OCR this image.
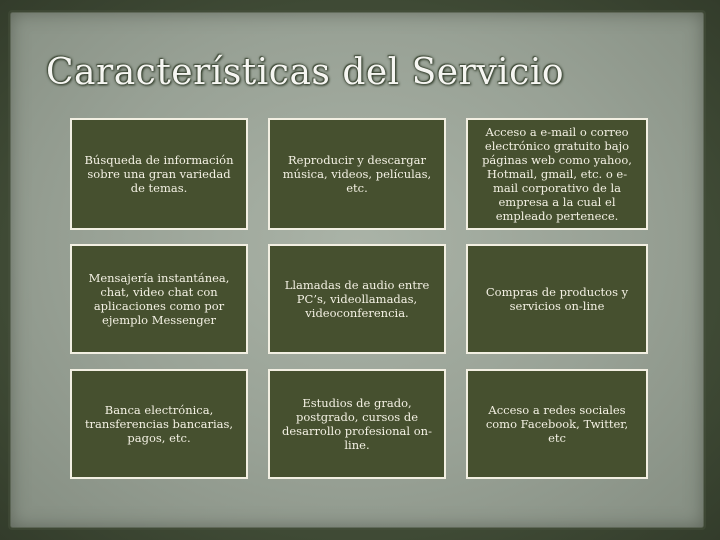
Características del Servicio
Búsqueda de información sobre una gran variedad de temas.
Reproducir y descargar música, videos, películas, etc.
Acceso a e-mail o correo electrónico gratuito bajo páginas web como yahoo, Hotmail, gmail, etc. o e-mail corporativo de la empresa a la cual el empleado pertenece.
Mensajería instantánea, chat, video chat con aplicaciones como por ejemplo Messenger
Llamadas de audio entre PC’s, videollamadas, videoconferencia.
Compras de productos y servicios on-line
Banca electrónica, transferencias bancarias, pagos, etc.
Estudios de grado, postgrado, cursos de desarrollo profesional on-line.
Acceso a redes sociales como Facebook, Twitter, etc
